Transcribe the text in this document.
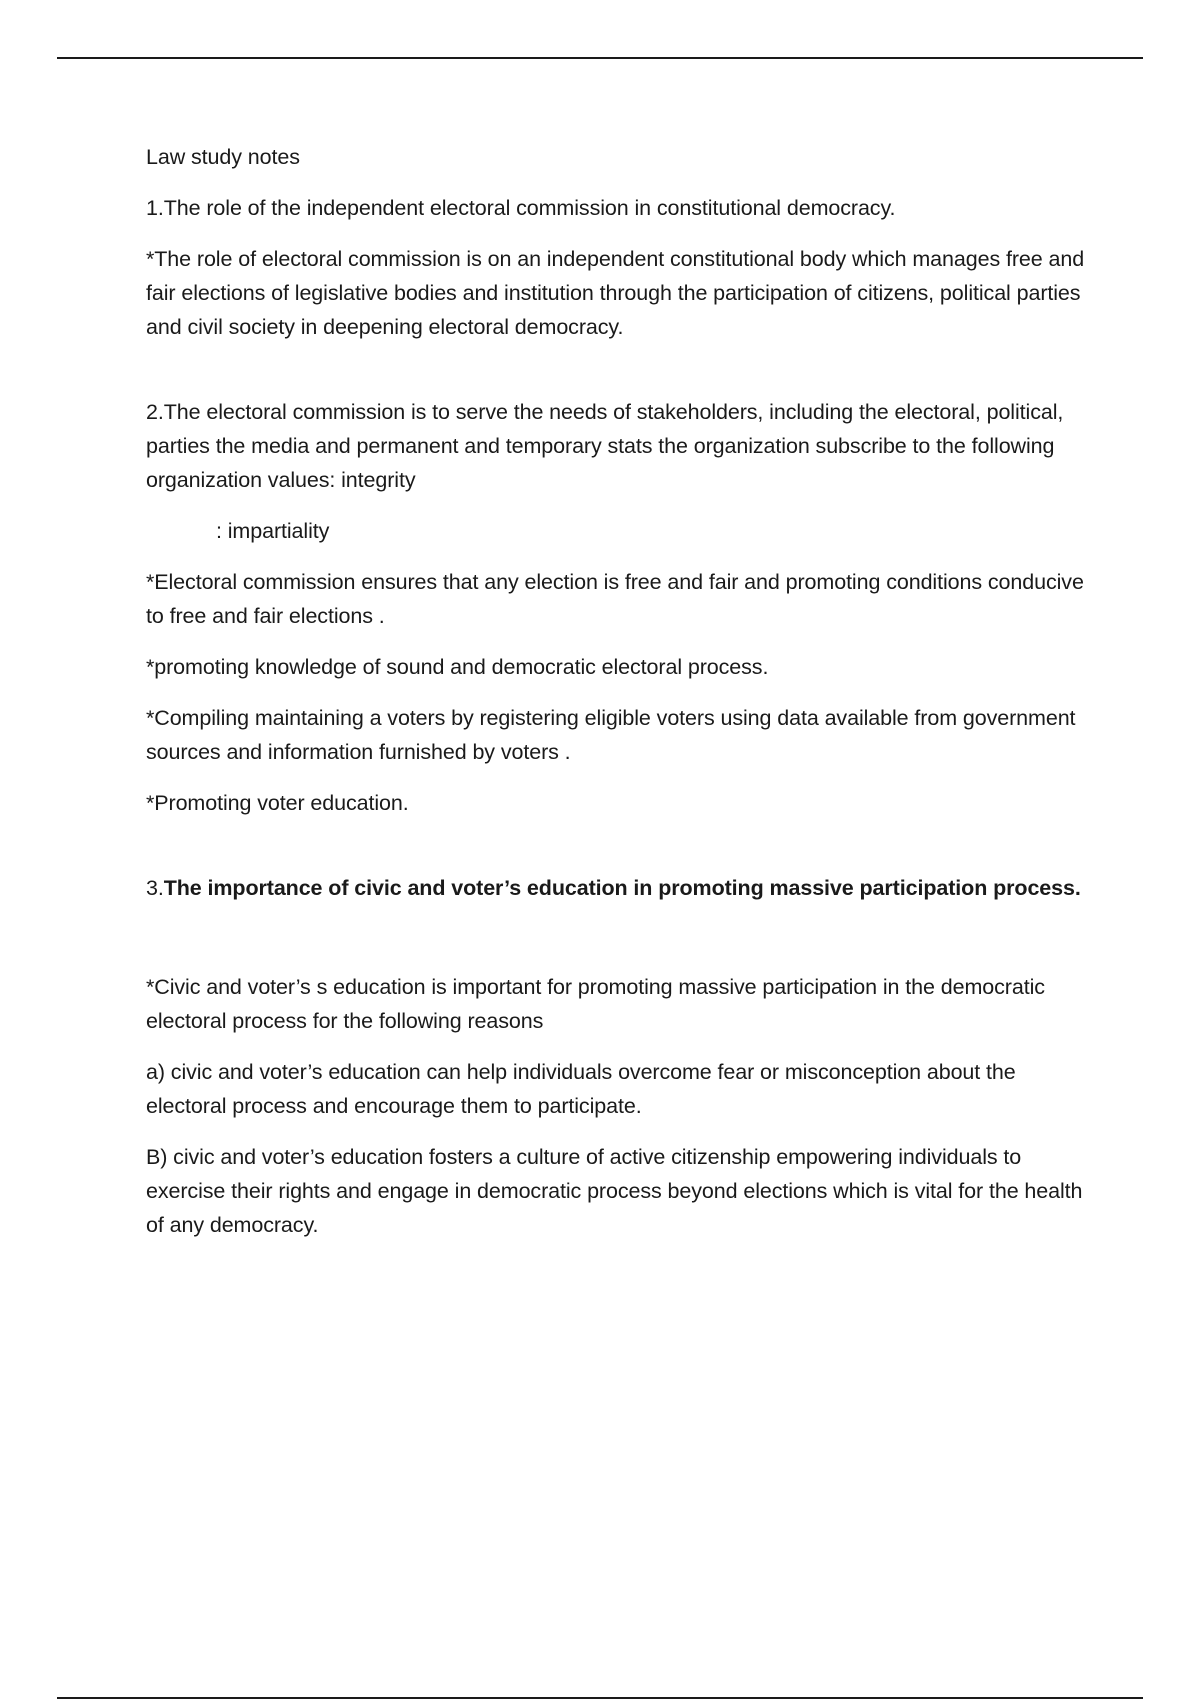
Law study notes

1.The role of the independent electoral commission in constitutional democracy.

*The role of electoral commission is on an independent constitutional body which manages free and fair elections of legislative bodies and institution through the participation of citizens, political parties and civil society in deepening electoral democracy.

2.The electoral commission is to serve the needs of stakeholders, including the electoral, political, parties the media and permanent and temporary stats the organization subscribe to the following organization values: integrity

: impartiality

*Electoral commission ensures that any election is free and fair and promoting conditions conducive to free and fair elections .

*promoting knowledge of sound and democratic electoral process.

*Compiling maintaining a voters by registering eligible voters using data available from government sources and information furnished by voters .

*Promoting voter education.

3.The importance of civic and voter’s education in promoting massive participation process.

*Civic and voter’s s education is important for promoting massive participation in the democratic electoral process for the following reasons

a) civic and voter’s education can help individuals overcome fear or misconception about the electoral process and encourage them to participate.

B) civic and voter’s education fosters a culture of active citizenship empowering individuals to exercise their rights and engage in democratic process beyond elections which is vital for the health of any democracy.
